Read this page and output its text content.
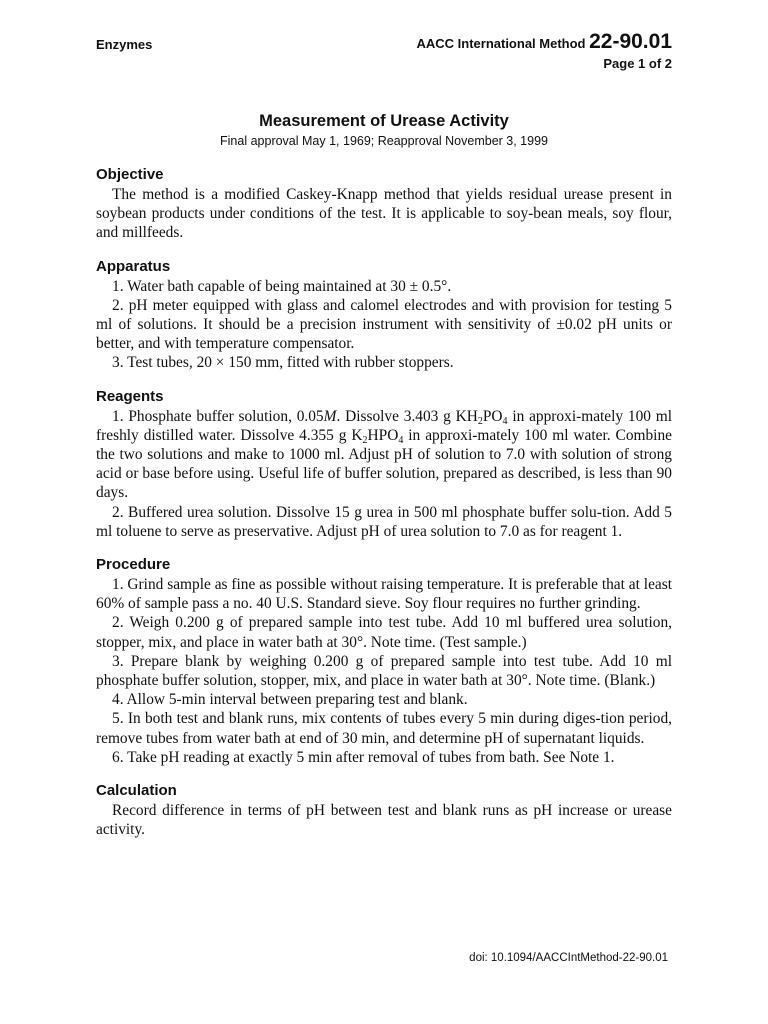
Enzymes	AACC International Method 22-90.01
Page 1 of 2
Measurement of Urease Activity
Final approval May 1, 1969; Reapproval November 3, 1999
Objective

The method is a modified Caskey-Knapp method that yields residual urease present in soybean products under conditions of the test. It is applicable to soy-bean meals, soy flour, and millfeeds.

Apparatus

1. Water bath capable of being maintained at 30 ± 0.5°.

2. pH meter equipped with glass and calomel electrodes and with provision for testing 5 ml of solutions. It should be a precision instrument with sensitivity of ±0.02 pH units or better, and with temperature compensator.

3. Test tubes, 20 × 150 mm, fitted with rubber stoppers.

Reagents

1. Phosphate buffer solution, 0.05M. Dissolve 3.403 g $KH_2PO_4$ in approxi-mately 100 ml freshly distilled water. Dissolve 4.355 g $K_2HPO_4$ in approxi-mately 100 ml water. Combine the two solutions and make to 1000 ml. Adjust pH of solution to 7.0 with solution of strong acid or base before using. Useful life of buffer solution, prepared as described, is less than 90 days.

2. Buffered urea solution. Dissolve 15 g urea in 500 ml phosphate buffer solu-tion. Add 5 ml toluene to serve as preservative. Adjust pH of urea solution to 7.0 as for reagent 1.

Procedure

1. Grind sample as fine as possible without raising temperature. It is preferable that at least 60% of sample pass a no. 40 U.S. Standard sieve. Soy flour requires no further grinding.

2. Weigh 0.200 g of prepared sample into test tube. Add 10 ml buffered urea solution, stopper, mix, and place in water bath at 30°. Note time. (Test sample.)

3. Prepare blank by weighing 0.200 g of prepared sample into test tube. Add 10 ml phosphate buffer solution, stopper, mix, and place in water bath at 30°. Note time. (Blank.)

4. Allow 5-min interval between preparing test and blank.

5. In both test and blank runs, mix contents of tubes every 5 min during diges-tion period, remove tubes from water bath at end of 30 min, and determine pH of supernatant liquids.

6. Take pH reading at exactly 5 min after removal of tubes from bath. See Note 1.

Calculation

Record difference in terms of pH between test and blank runs as pH increase or urease activity.

doi: 10.1094/AACCIntMethod-22-90.01
